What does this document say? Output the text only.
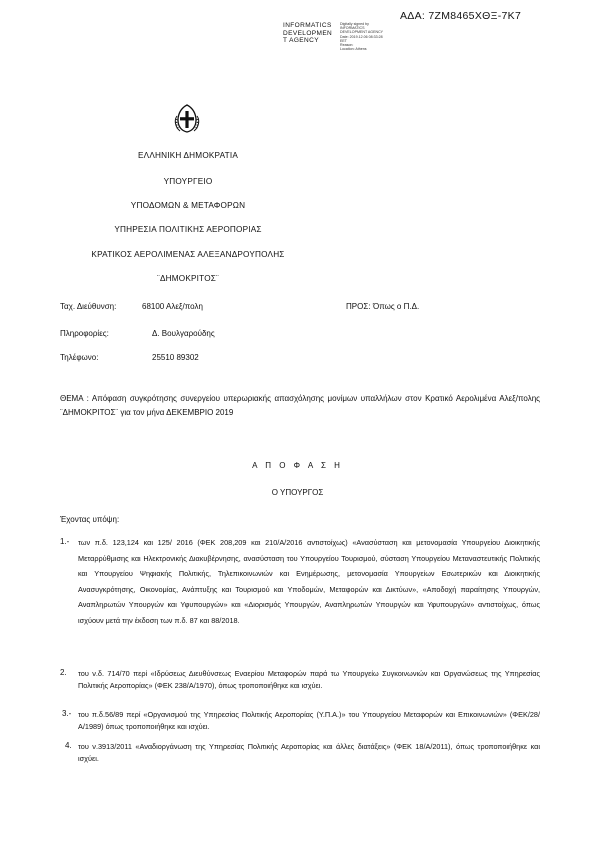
ΑΔΑ: 7ΖΜ8465ΧΘΞ-7Κ7
INFORMATICS
DEVELOPMEN
T AGENCY
Digitally signed by
INFORMATICS
DEVELOPMENT AGENCY
Date: 2019.12.06 08:33:28
EET
Reason:
Location: Athens
ΕΛΛΗΝΙΚΗ ΔΗΜΟΚΡΑΤΙΑ
ΥΠΟΥΡΓΕΙΟ
ΥΠΟΔΟΜΩΝ & ΜΕΤΑΦΟΡΩΝ
ΥΠΗΡΕΣΙΑ ΠΟΛΙΤΙΚΗΣ ΑΕΡΟΠΟΡΙΑΣ
ΚΡΑΤΙΚΟΣ ΑΕΡΟΛΙΜΕΝΑΣ ΑΛΕΞΑΝΔΡΟΥΠΟΛΗΣ
¨ΔΗΜΟΚΡΙΤΟΣ¨
Ταχ. Διεύθυνση:	68100 Αλεξ/πολη	ΠΡΟΣ: Όπως ο Π.Δ.
Πληροφορίες:	Δ. Βουλγαρούδης
Τηλέφωνο:	25510 89302
ΘΕΜΑ : Απόφαση συγκρότησης συνεργείου υπερωριακής απασχόλησης μονίμων υπαλλήλων στον Κρατικό Αερολιμένα Αλεξ/πολης ¨ΔΗΜΟΚΡΙΤΟΣ¨ για τον μήνα ΔΕΚΕΜΒΡΙΟ 2019
Α Π Ο Φ Α Σ Η
Ο ΥΠΟΥΡΓΟΣ
Έχοντας υπόψη:
1.- των π.δ. 123,124 και 125/ 2016 (ΦΕΚ 208,209 και 210/Α/2016 αντιστοίχως) «Ανασύσταση και μετονομασία Υπουργείου Διοικητικής Μεταρρύθμισης και Ηλεκτρονικής Διακυβέρνησης, ανασύσταση του Υπουργείου Τουρισμού, σύσταση Υπουργείου Μεταναστευτικής Πολιτικής και Υπουργείου Ψηφιακής Πολιτικής, Τηλεπικοινωνιών και Ενημέρωσης, μετονομασία Υπουργείων Εσωτερικών και Διοικητικής Ανασυγκρότησης, Οικονομίας, Ανάπτυξης και Τουρισμού και Υποδομών, Μεταφορών και Δικτύων», «Αποδοχή παραίτησης Υπουργών, Αναπληρωτών Υπουργών και Υφυπουργών» και «Διορισμός Υπουργών, Αναπληρωτών Υπουργών και Υφυπουργών» αντιστοίχως, όπως ισχύουν μετά την έκδοση των π.δ. 87 και 88/2018.
2. του ν.δ. 714/70 περί «Ιδρύσεως Διευθύνσεως Εναερίου Μεταφορών παρά τω Υπουργείω Συγκοινωνιών και Οργανώσεως της Υπηρεσίας Πολιτικής Αεροπορίας» (ΦΕΚ 238/Α/1970), όπως τροποποιήθηκε και ισχύει.
3.- του π.δ.56/89 περί «Οργανισμού της Υπηρεσίας Πολιτικής Αεροπορίας (Υ.Π.Α.)» του Υπουργείου Μεταφορών και Επικοινωνιών» (ΦΕΚ/28/Α/1989) όπως τροποποιήθηκε και ισχύει.
4. του ν.3913/2011 «Αναδιοργάνωση της Υπηρεσίας Πολιτικής Αεροπορίας και άλλες διατάξεις» (ΦΕΚ 18/Α/2011), όπως τροποποιήθηκε και ισχύει.
